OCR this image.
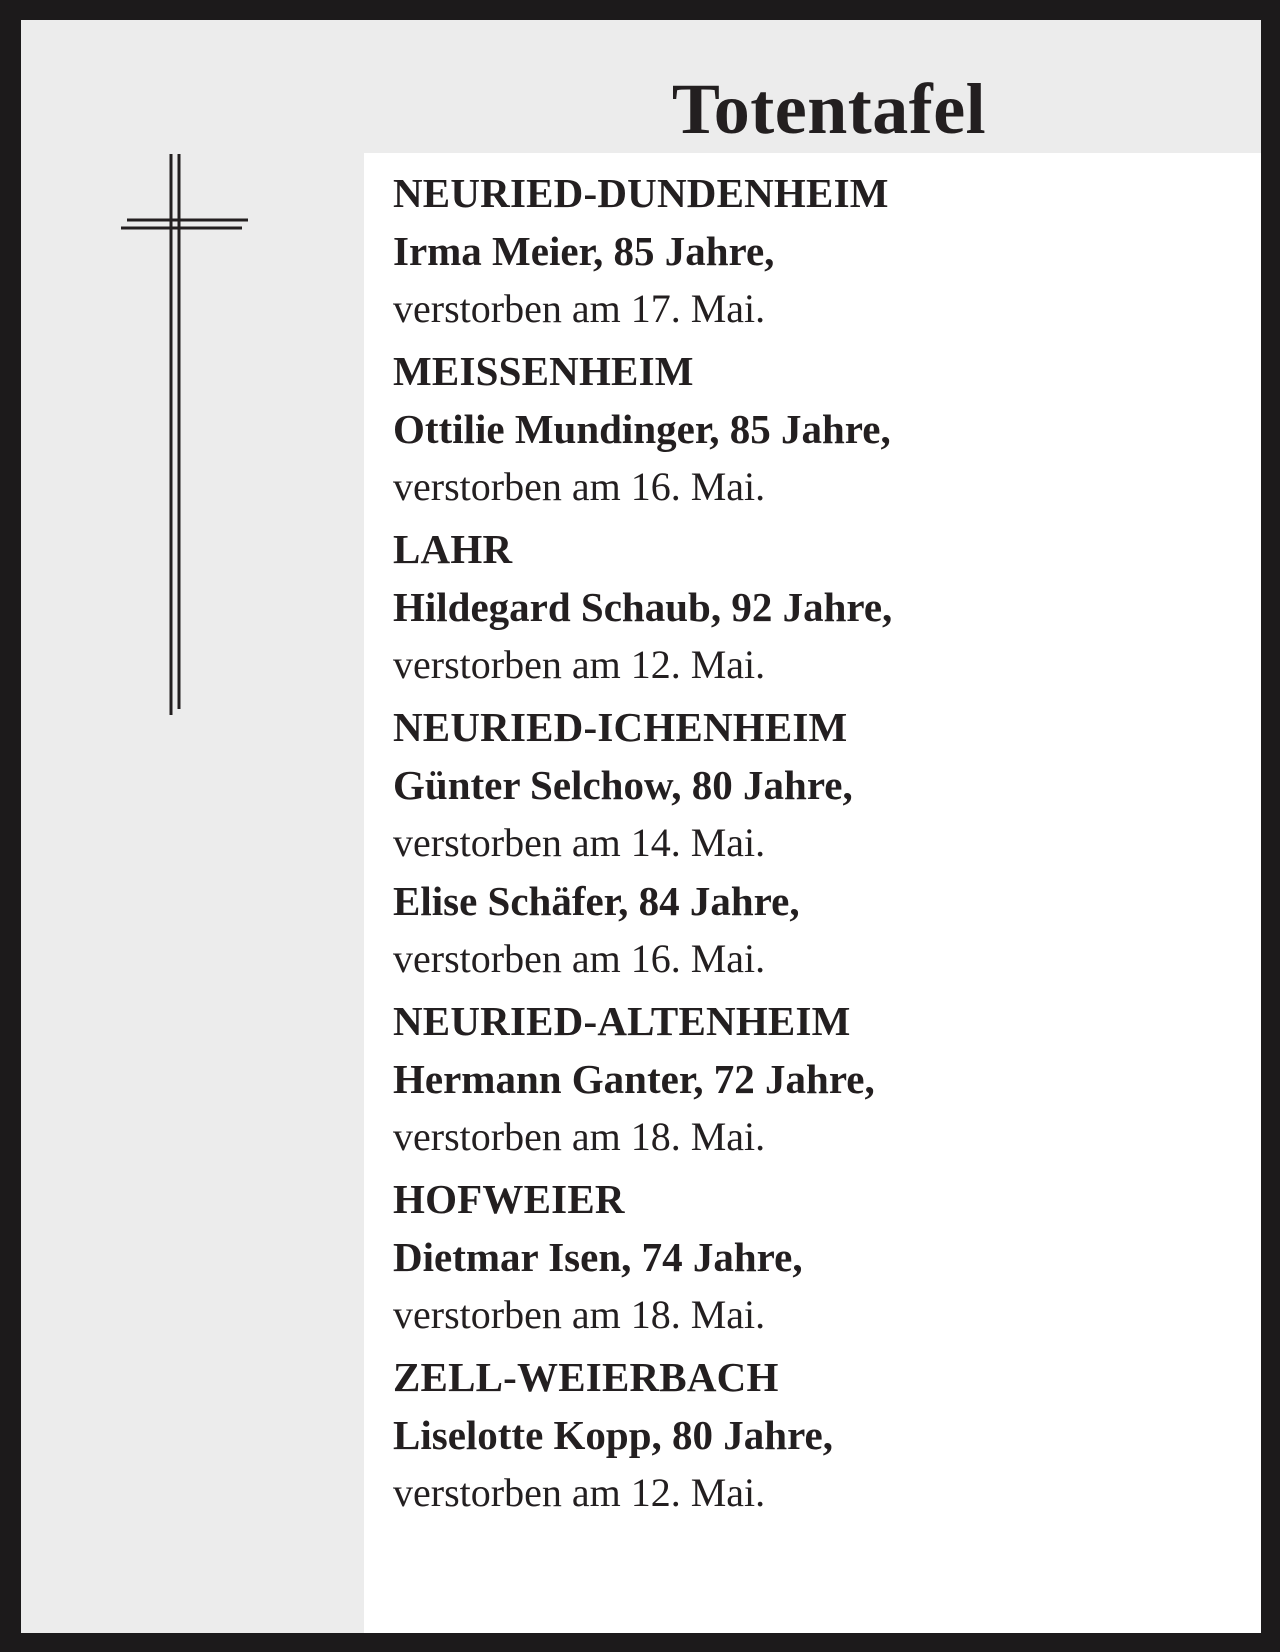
Totentafel
NEURIED-DUNDENHEIM
Irma Meier, 85 Jahre,
verstorben am 17. Mai.
MEISSENHEIM
Ottilie Mundinger, 85 Jahre,
verstorben am 16. Mai.
LAHR
Hildegard Schaub, 92 Jahre,
verstorben am 12. Mai.
NEURIED-ICHENHEIM
Günter Selchow, 80 Jahre,
verstorben am 14. Mai.
Elise Schäfer, 84 Jahre,
verstorben am 16. Mai.
NEURIED-ALTENHEIM
Hermann Ganter, 72 Jahre,
verstorben am 18. Mai.
HOFWEIER
Dietmar Isen, 74 Jahre,
verstorben am 18. Mai.
ZELL-WEIERBACH
Liselotte Kopp, 80 Jahre,
verstorben am 12. Mai.
